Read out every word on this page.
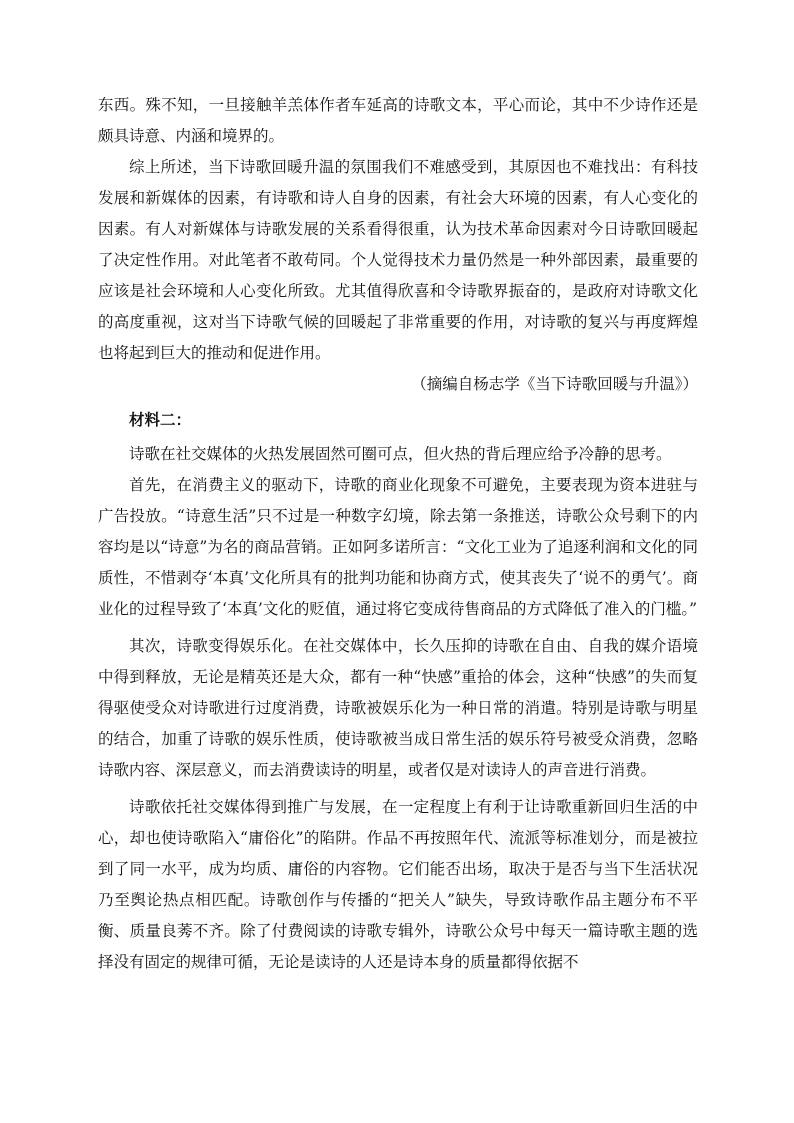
东西。殊不知，一旦接触羊羔体作者车延高的诗歌文本，平心而论，其中不少诗作还是颇具诗意、内涵和境界的。

综上所述，当下诗歌回暖升温的氛围我们不难感受到，其原因也不难找出：有科技发展和新媒体的因素，有诗歌和诗人自身的因素，有社会大环境的因素，有人心变化的因素。有人对新媒体与诗歌发展的关系看得很重，认为技术革命因素对今日诗歌回暖起了决定性作用。对此笔者不敢苟同。个人觉得技术力量仍然是一种外部因素，最重要的应该是社会环境和人心变化所致。尤其值得欣喜和令诗歌界振奋的，是政府对诗歌文化的高度重视，这对当下诗歌气候的回暖起了非常重要的作用，对诗歌的复兴与再度辉煌也将起到巨大的推动和促进作用。

（摘编自杨志学《当下诗歌回暖与升温》）

材料二：

诗歌在社交媒体的火热发展固然可圈可点，但火热的背后理应给予冷静的思考。

首先，在消费主义的驱动下，诗歌的商业化现象不可避免，主要表现为资本进驻与广告投放。“诗意生活”只不过是一种数字幻境，除去第一条推送，诗歌公众号剩下的内容均是以“诗意”为名的商品营销。正如阿多诺所言：“文化工业为了追逐利润和文化的同质性，不惜剥夺‘本真’文化所具有的批判功能和协商方式，使其丧失了‘说不的勇气’。商业化的过程导致了‘本真’文化的贬值，通过将它变成待售商品的方式降低了准入的门槛。”

其次，诗歌变得娱乐化。在社交媒体中，长久压抑的诗歌在自由、自我的媒介语境中得到释放，无论是精英还是大众，都有一种“快感”重拾的体会，这种“快感”的失而复得驱使受众对诗歌进行过度消费，诗歌被娱乐化为一种日常的消遣。特别是诗歌与明星的结合，加重了诗歌的娱乐性质，使诗歌被当成日常生活的娱乐符号被受众消费，忽略诗歌内容、深层意义，而去消费读诗的明星，或者仅是对读诗人的声音进行消费。

诗歌依托社交媒体得到推广与发展，在一定程度上有利于让诗歌重新回归生活的中心，却也使诗歌陷入“庸俗化”的陷阱。作品不再按照年代、流派等标准划分，而是被拉到了同一水平，成为均质、庸俗的内容物。它们能否出场，取决于是否与当下生活状况乃至舆论热点相匹配。诗歌创作与传播的“把关人”缺失，导致诗歌作品主题分布不平衡、质量良莠不齐。除了付费阅读的诗歌专辑外，诗歌公众号中每天一篇诗歌主题的选择没有固定的规律可循，无论是读诗的人还是诗本身的质量都得依据不
